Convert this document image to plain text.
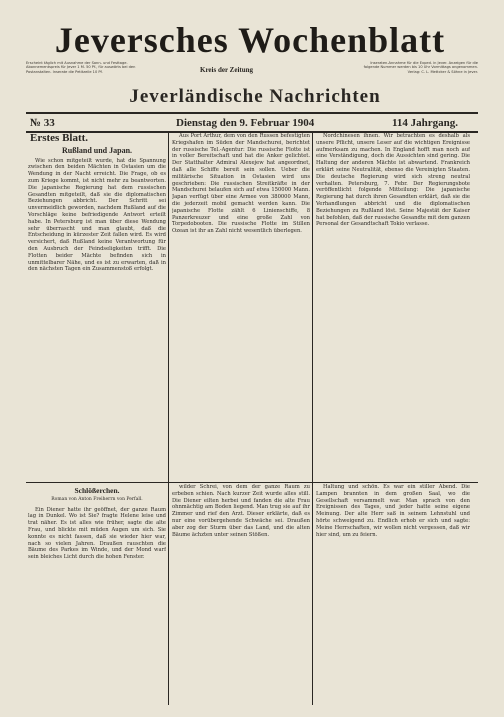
Jeversches Wochenblatt
Erscheint täglich mit Ausnahme der Sonn- und Festtage. Abonnementspreis für Jever 1 M. 50 Pf., für auswärts bei den Postanstalten. Inserate die Petitzeile 10 Pf.	Kreis der Zeitung
Inseraten-Annahme für die Exped. in Jever. Anzeigen für die folgende Nummer werden bis 10 Uhr Vormittags angenommen. Verlag: C. L. Mettcker & Söhne in Jever.
Jeverländische Nachrichten
№ 33	Dienstag den 9. Februar 1904	114 Jahrgang.
Erstes Blatt.
Rußland und Japan.

Wie schon mitgeteilt wurde, hat die Spannung zwischen den beiden Mächten in Ostasien um die Wendung in der Nacht erreicht. Die Frage, ob es zum Kriege kommt, ist nicht mehr zu beantworten. Die japanische Regierung hat dem russischen Gesandten mitgeteilt, daß sie die diplomatischen Beziehungen abbricht. Der Schritt sei unvermeidlich geworden, nachdem Rußland auf die Vorschläge keine befriedigende Antwort erteilt habe. In Petersburg ist man über diese Wendung sehr überrascht und man glaubt, daß die Entscheidung in kürzester Zeit fallen wird. Es wird versichert, daß Rußland keine Verantwortung für den Ausbruch der Feindseligkeiten trifft. Die Flotten beider Mächte befinden sich in unmittelbarer Nähe, und es ist zu erwarten, daß in den nächsten Tagen ein Zusammenstoß erfolgt.

Aus Port Arthur, dem von den Russen befestigten Kriegshafen im Süden der Mandschurei, berichtet der russische Tel.-Agentur: Die russische Flotte ist in voller Bereitschaft und hat die Anker gelichtet. Der Statthalter Admiral Alexejew hat angeordnet, daß alle Schiffe bereit sein sollen. Ueber die militärische Situation in Ostasien wird uns geschrieben: Die russischen Streitkräfte in der Mandschurei belaufen sich auf etwa 150000 Mann. Japan verfügt über eine Armee von 380000 Mann, die jederzeit mobil gemacht werden kann. Die japanische Flotte zählt 6 Linienschiffe, 8 Panzerkreuzer und eine große Zahl von Torpedobooten. Die russische Flotte im Stillen Ozean ist ihr an Zahl nicht wesentlich überlegen.

Nordchinesen ihnen. Wir betrachten es deshalb als unsere Pflicht, unsere Leser auf die wichtigen Ereignisse aufmerksam zu machen. In England hofft man noch auf eine Verständigung, doch die Aussichten sind gering. Die Haltung der anderen Mächte ist abwartend. Frankreich erklärt seine Neutralität, ebenso die Vereinigten Staaten. Die deutsche Regierung wird sich streng neutral verhalten. Petersburg, 7. Febr. Der Regierungsbote veröffentlicht folgende Mitteilung: Die japanische Regierung hat durch ihren Gesandten erklärt, daß sie die Verhandlungen abbricht und die diplomatischen Beziehungen zu Rußland löst. Seine Majestät der Kaiser hat befohlen, daß der russische Gesandte mit dem ganzen Personal der Gesandtschaft Tokio verlasse.

Schlößerchen.
Roman von Anton Freiherrn von Perfall.

Ein Diener hatte ihr geöffnet, der ganze Raum lag in Dunkel. Wo ist Sie? fragte Helene leise und trat näher. Es ist alles wie früher, sagte die alte Frau, und blickte mit müden Augen um sich. Sie konnte es nicht fassen, daß sie wieder hier war, nach so vielen Jahren. Draußen rauschten die Bäume des Parkes im Winde, und der Mond warf sein bleiches Licht durch die hohen Fenster.

wilder Schrei, von dem der ganze Raum zu erbeben schien. Nach kurzer Zeit wurde alles still. Die Diener eilten herbei und fanden die alte Frau ohnmächtig am Boden liegend. Man trug sie auf ihr Zimmer und rief den Arzt. Dieser erklärte, daß es nur eine vorübergehende Schwäche sei. Draußen aber zog der Sturm über das Land, und die alten Bäume ächzten unter seinen Stößen.

Haltung und schön. Es war ein stiller Abend. Die Lampen brannten in dem großen Saal, wo die Gesellschaft versammelt war. Man sprach von den Ereignissen des Tages, und jeder hatte seine eigene Meinung. Der alte Herr saß in seinem Lehnstuhl und hörte schweigend zu. Endlich erhob er sich und sagte: Meine Herrschaften, wir wollen nicht vergessen, daß wir hier sind, um zu feiern.
